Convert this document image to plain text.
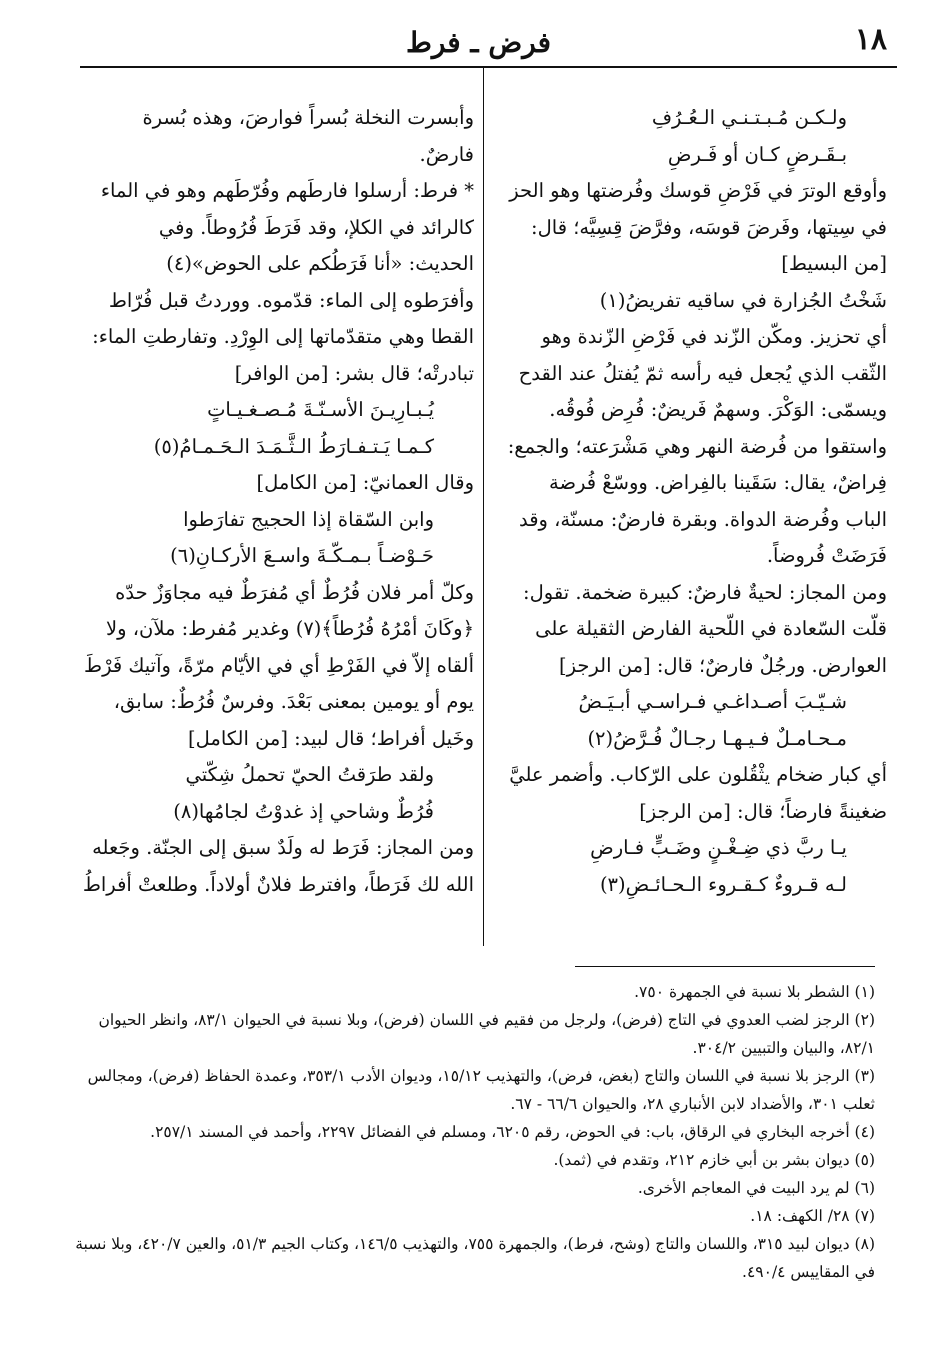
١٨
فرض ـ فرط
ولـكـن مُـبـتـنـي الـعُـرُفِ
بـقَـرضٍ كـان أو فَـرضِ
وأوقع الوترَ في فَرْضِ قوسك وفُرضتها وهو الحز
في سِيتها، وفَرضَ قوسَه، وفرَّضَ قِسِيَّه؛ قال:
[من البسيط]
شَخْتُ الجُزارة في ساقيه تفريضُ(١)
أي تحزيز. ومكّن الزّند في فَرْضِ الزّندة وهو
الثّقب الذي يُجعل فيه رأسه ثمّ يُفتلُ عند القدح
ويسمّى: الوَكْرَ. وسهمٌ فَريضٌ: فُرِض فُوقُه.
واستقوا من فُرضة النهر وهي مَشْرَعته؛ والجمع:
فِراضٌ، يقال: سَقَينا بالفِراض. ووسّعْ فُرضة
الباب وفُرضة الدواة. وبقرة فارضٌ: مسنّة، وقد
فَرَضَتْ فُروضاً.
ومن المجاز: لحيةٌ فارضٌ: كبيرة ضخمة. تقول:
قلّت السّعادة في اللّحية الفارض الثقيلة على
العوارض. ورجُلٌ فارضٌ؛ قال: [من الرجز]
شـيّـبَ أصـداغـي فـراسـي أبـيَـضُ
مـحـامـلٌ فـيـهـا رجـالٌ فُـرَّضُ(٢)
أي كبار ضخام يثْقُلون على الرّكاب. وأضمر عليَّ
ضغينةً فارضاً؛ قال: [من الرجز]
يـا ربَّ ذي ضِـغْـنٍ وضَـبٍّ فـارضِ
لـه قـروءٌ كـقـروء الـحـائـضِ(٣)
وأبسرت النخلة بُسراً فوارضَ، وهذه بُسرة
فارضٌ.
* فرط: أرسلوا فارطَهم وفُرّطَهم وهو في الماء
كالرائد في الكلإ، وقد فَرَطَ فُرُوطاً. وفي
الحديث: «أنا فَرَطُكم على الحوض»(٤)
وأفرَطوه إلى الماء: قدّموه. ووردتُ قبل فُرّاط
القطا وهي متقدّماتها إلى الوِرْدِ. وتفارطتِ الماء:
تبادرتْه؛ قال بشر: [من الوافر]
يُـبـارِيـنَ الأسـنّـةَ مُـصـغـيـاتٍ
كـمـا يَـتـفـارَطُ الـثَّـمَـدَ الـحَـمـامُ(٥)
وقال العمانيّ: [من الكامل]
وابن السّقاة إذا الحجيج تفارَطوا
حَـوْضـاً بـمـكّـةَ واسـعَ الأركـانِ(٦)
وكلّ أمر فلان فُرُطٌ أي مُفرَطٌ فيه مجاوَزٌ حدّه
﴿وكَانَ أمْرُهُ فُرُطاً﴾(٧) وغدير مُفرط: ملآن، ولا
ألقاه إلاّ في الفَرْطِ أي في الأيّام مرّةً، وآتيك فَرْطَ
يوم أو يومين بمعنى بَعْدَ. وفرسٌ فُرُطٌ: سابق،
وخَيل أفراط؛ قال لبيد: [من الكامل]
ولقد طرَقتُ الحيّ تحملُ شِكّتي
فُرُطٌ وشاحي إذ غدوْتُ لجامُها(٨)
ومن المجاز: فَرَط له ولَدٌ سبق إلى الجنّة. وجَعله
الله لك فَرَطاً، وافترط فلانٌ أولاداً. وطلعتْ أفراطُ
(١) الشطر بلا نسبة في الجمهرة ٧٥٠.
(٢) الرجز لضب العدوي في التاج (فرض)، ولرجل من فقيم في اللسان (فرض)، وبلا نسبة في الحيوان ٨٣/١، وانظر الحيوان ٨٢/١، والبيان والتبيين ٣٠٤/٢.
(٣) الرجز بلا نسبة في اللسان والتاج (بغض، فرض)، والتهذيب ١٥/١٢، وديوان الأدب ٣٥٣/١، وعمدة الحفاظ (فرض)، ومجالس ثعلب ٣٠١، والأضداد لابن الأنباري ٢٨، والحيوان ٦٦/٦ - ٦٧.
(٤) أخرجه البخاري في الرقاق، باب: في الحوض، رقم ٦٢٠٥، ومسلم في الفضائل ٢٢٩٧، وأحمد في المسند ٢٥٧/١.
(٥) ديوان بشر بن أبي خازم ٢١٢، وتقدم في (ثمد).
(٦) لم يرد البيت في المعاجم الأخرى.
(٧) ٢٨/ الكهف: ١٨.
(٨) ديوان لبيد ٣١٥، واللسان والتاج (وشح، فرط)، والجمهرة ٧٥٥، والتهذيب ١٤٦/٥، وكتاب الجيم ٥١/٣، والعين ٤٢٠/٧، وبلا نسبة في المقاييس ٤٩٠/٤.
